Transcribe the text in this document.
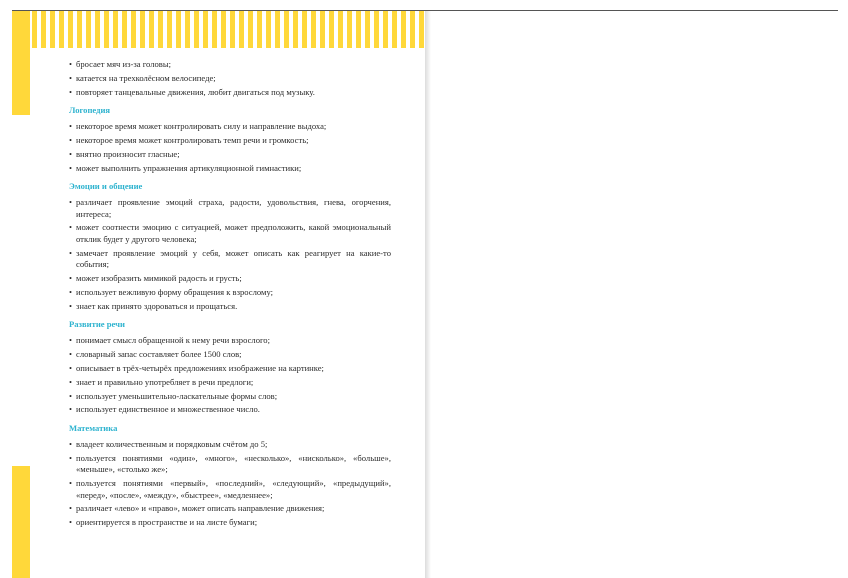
• бросает мяч из-за головы;
• катается на трехколёсном велосипеде;
• повторяет танцевальные движения, любит двигаться под музыку.
Логопедия
• некоторое время может контролировать силу и направление выдоха;
• некоторое время может контролировать темп речи и громкость;
• внятно произносит гласные;
• может выполнить упражнения артикуляционной гимнастики;
Эмоции и общение
• различает проявление эмоций страха, радости, удовольствия, гнева, огорчения, интереса;
• может соотнести эмоцию с ситуацией, может предположить, какой эмоциональный отклик будет у другого человека;
• замечает проявление эмоций у себя, может описать как реагирует на какие-то события;
• может изобразить мимикой радость и грусть;
• использует вежливую форму обращения к взрослому;
• знает как принято здороваться и прощаться.
Развитие речи
• понимает смысл обращенной к нему речи взрослого;
• словарный запас составляет более 1500 слов;
• описывает в трёх-четырёх предложениях изображение на картинке;
• знает и правильно употребляет в речи предлоги;
• использует уменьшительно-ласкательные формы слов;
• использует единственное и множественное число.
Математика
• владеет количественным и порядковым счётом до 5;
• пользуется понятиями «один», «много», «несколько», «нисколько», «больше», «меньше», «столько же»;
• пользуется понятиями «первый», «последний», «следующий», «предыдущий», «перед», «после», «между», «быстрее», «медленнее»;
• различает «лево» и «право», может описать направление движения;
• ориентируется в пространстве и на листе бумаги;
